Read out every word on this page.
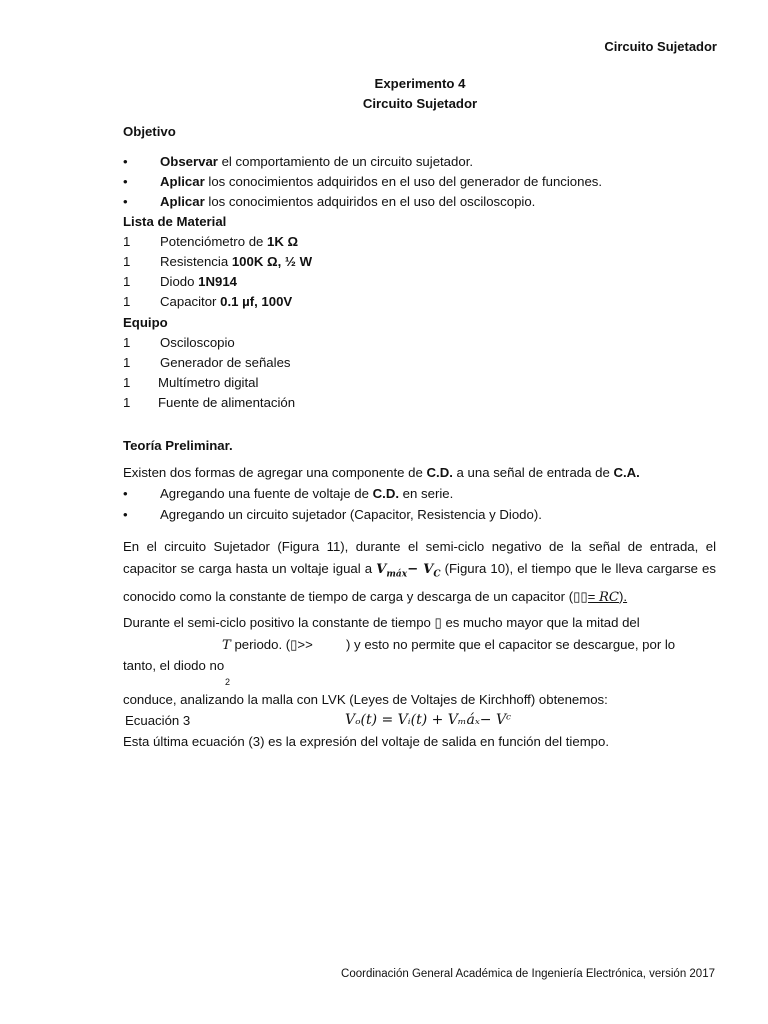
Circuito Sujetador
Experimento 4
Circuito Sujetador
Objetivo
• Observar el comportamiento de un circuito sujetador.
• Aplicar los conocimientos adquiridos en el uso del generador de funciones.
• Aplicar los conocimientos adquiridos en el uso del osciloscopio.
Lista de Material
1 Potenciómetro de 1K Ω
1 Resistencia 100K Ω, ½ W
1 Diodo 1N914
1 Capacitor 0.1 µf, 100V
Equipo
1 Osciloscopio
1 Generador de señales
1 Multímetro digital
1 Fuente de alimentación
Teoría Preliminar.
Existen dos formas de agregar una componente de C.D. a una señal de entrada de C.A.
• Agregando una fuente de voltaje de C.D. en serie.
• Agregando un circuito sujetador (Capacitor, Resistencia y Diodo).
En el circuito Sujetador (Figura 11), durante el semi-ciclo negativo de la señal de entrada, el capacitor se carga hasta un voltaje igual a $V_{máx}- V_C$ (Figura 10), el tiempo que le lleva cargarse es conocido como la constante de tiempo de carga y descarga de un capacitor (▯▯= RC).
Durante el semi-ciclo positivo la constante de tiempo ▯ es mucho mayor que la mitad del
T periodo. (▯>>	) y esto no permite que el capacitor se descargue, por lo
tanto, el diodo no
2
conduce, analizando la malla con LVK (Leyes de Voltajes de Kirchhoff) obtenemos:
Ecuación 3	Vₒ(t) = Vᵢ(t) + Vₘáₓ− Vᶜ
Esta última ecuación (3) es la expresión del voltaje de salida en función del tiempo.
Coordinación General Académica de Ingeniería Electrónica, versión 2017
